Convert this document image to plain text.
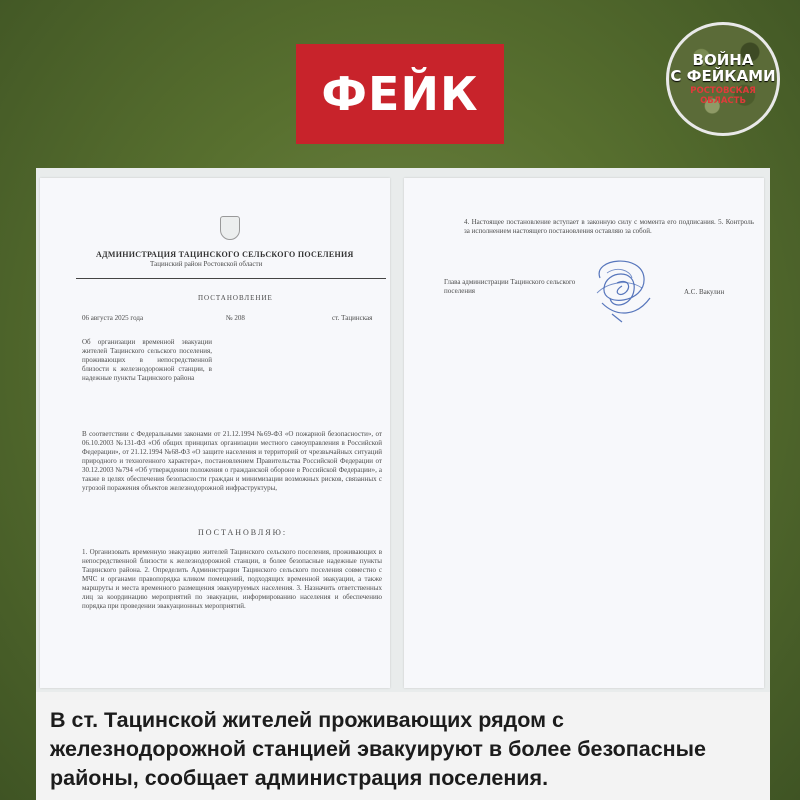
ФЕЙК
ВОЙНА
С ФЕЙКАМИ
РОСТОВСКАЯ
ОБЛАСТЬ
АДМИНИСТРАЦИЯ ТАЦИНСКОГО СЕЛЬСКОГО ПОСЕЛЕНИЯ
Тацинский район Ростовской области
ПОСТАНОВЛЕНИЕ
06 августа 2025 года	№ 208	ст. Тацинская
Об организации временной эвакуации жителей Тацинского сельского поселения, проживающих в непосредственной близости к железнодорожной станции, в надежные пункты Тацинского района
В соответствии с Федеральными законами от 21.12.1994 №69-ФЗ «О пожарной безопасности», от 06.10.2003 №131-ФЗ «Об общих принципах организации местного самоуправления в Российской Федерации», от 21.12.1994 №68-ФЗ «О защите населения и территорий от чрезвычайных ситуаций природного и техногенного характера», постановлением Правительства Российской Федерации от 30.12.2003 №794 «Об утверждении положения о гражданской обороне в Российской Федерации», а также в целях обеспечения безопасности граждан и минимизации возможных рисков, связанных с угрозой поражения объектов железнодорожной инфраструктуры,
ПОСТАНОВЛЯЮ:
1. Организовать временную эвакуацию жителей Тацинского сельского поселения, проживающих в непосредственной близости к железнодорожной станции, в более безопасные надежные пункты Тацинского района. 2. Определить Администрации Тацинского сельского поселения совместно с МЧС и органами правопорядка кликом помещений, подходящих временной эвакуации, а также маршруты и места временного размещения эвакуируемых населения. 3. Назначить ответственных лиц за координацию мероприятий по эвакуации, информированию населения и обеспечению порядка при проведении эвакуационных мероприятий.
4. Настоящее постановление вступает в законную силу с момента его подписания. 5. Контроль за исполнением настоящего постановления оставляю за собой.
Глава администрации Тацинского сельского поселения	А.С. Вакулин
В ст. Тацинской жителей проживающих рядом с
железнодорожной станцией эвакуируют в более безопасные
районы, сообщает администрация поселения.
